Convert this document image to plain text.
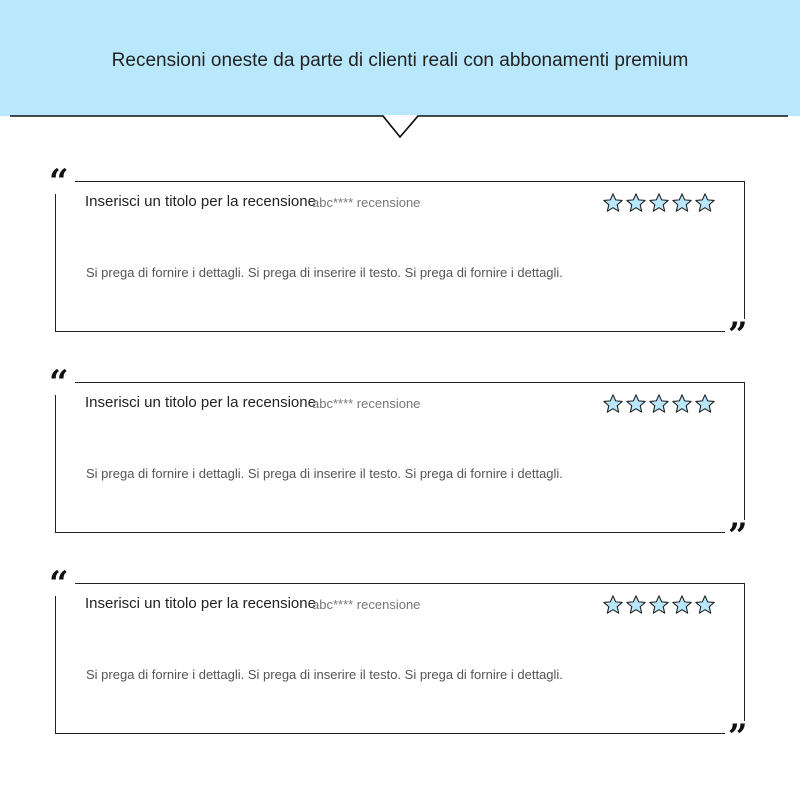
Recensioni oneste da parte di clienti reali con abbonamenti premium
“
”
Inserisci un titolo per la recensione
abc**** recensione
Si prega di fornire i dettagli. Si prega di inserire il testo. Si prega di fornire i dettagli.
“
”
Inserisci un titolo per la recensione
abc**** recensione
Si prega di fornire i dettagli. Si prega di inserire il testo. Si prega di fornire i dettagli.
“
”
Inserisci un titolo per la recensione
abc**** recensione
Si prega di fornire i dettagli. Si prega di inserire il testo. Si prega di fornire i dettagli.
